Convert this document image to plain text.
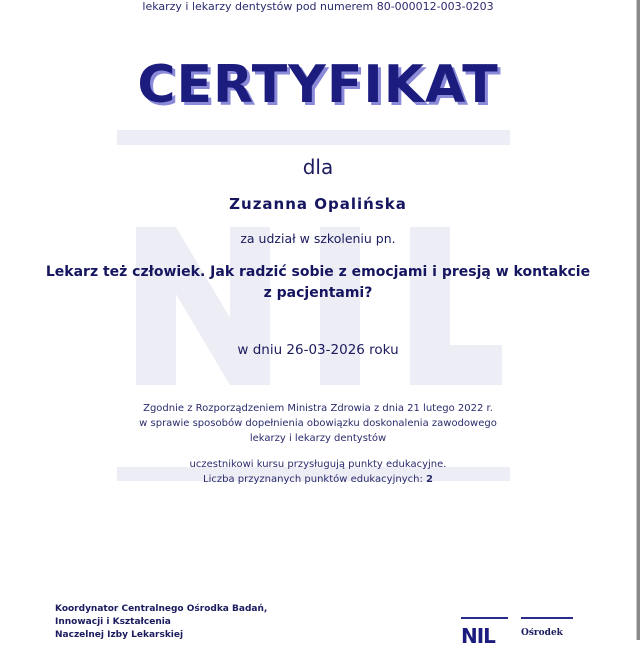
lekarzy i lekarzy dentystów pod numerem 80-000012-003-0203
CERTYFIKAT
dla
Zuzanna Opalińska
za udział w szkoleniu pn.
Lekarz też człowiek. Jak radzić sobie z emocjami i presją w kontakcie
z pacjentami?
w dniu 26-03-2026 roku
Zgodnie z Rozporządzeniem Ministra Zdrowia z dnia 21 lutego 2022 r.
w sprawie sposobów dopełnienia obowiązku doskonalenia zawodowego
lekarzy i lekarzy dentystów
uczestnikowi kursu przysługują punkty edukacyjne.
Liczba przyznanych punktów edukacyjnych: 2
Koordynator Centralnego Ośrodka Badań,
Innowacji i Kształcenia
Naczelnej Izby Lekarskiej	NIL	Ośrodek
